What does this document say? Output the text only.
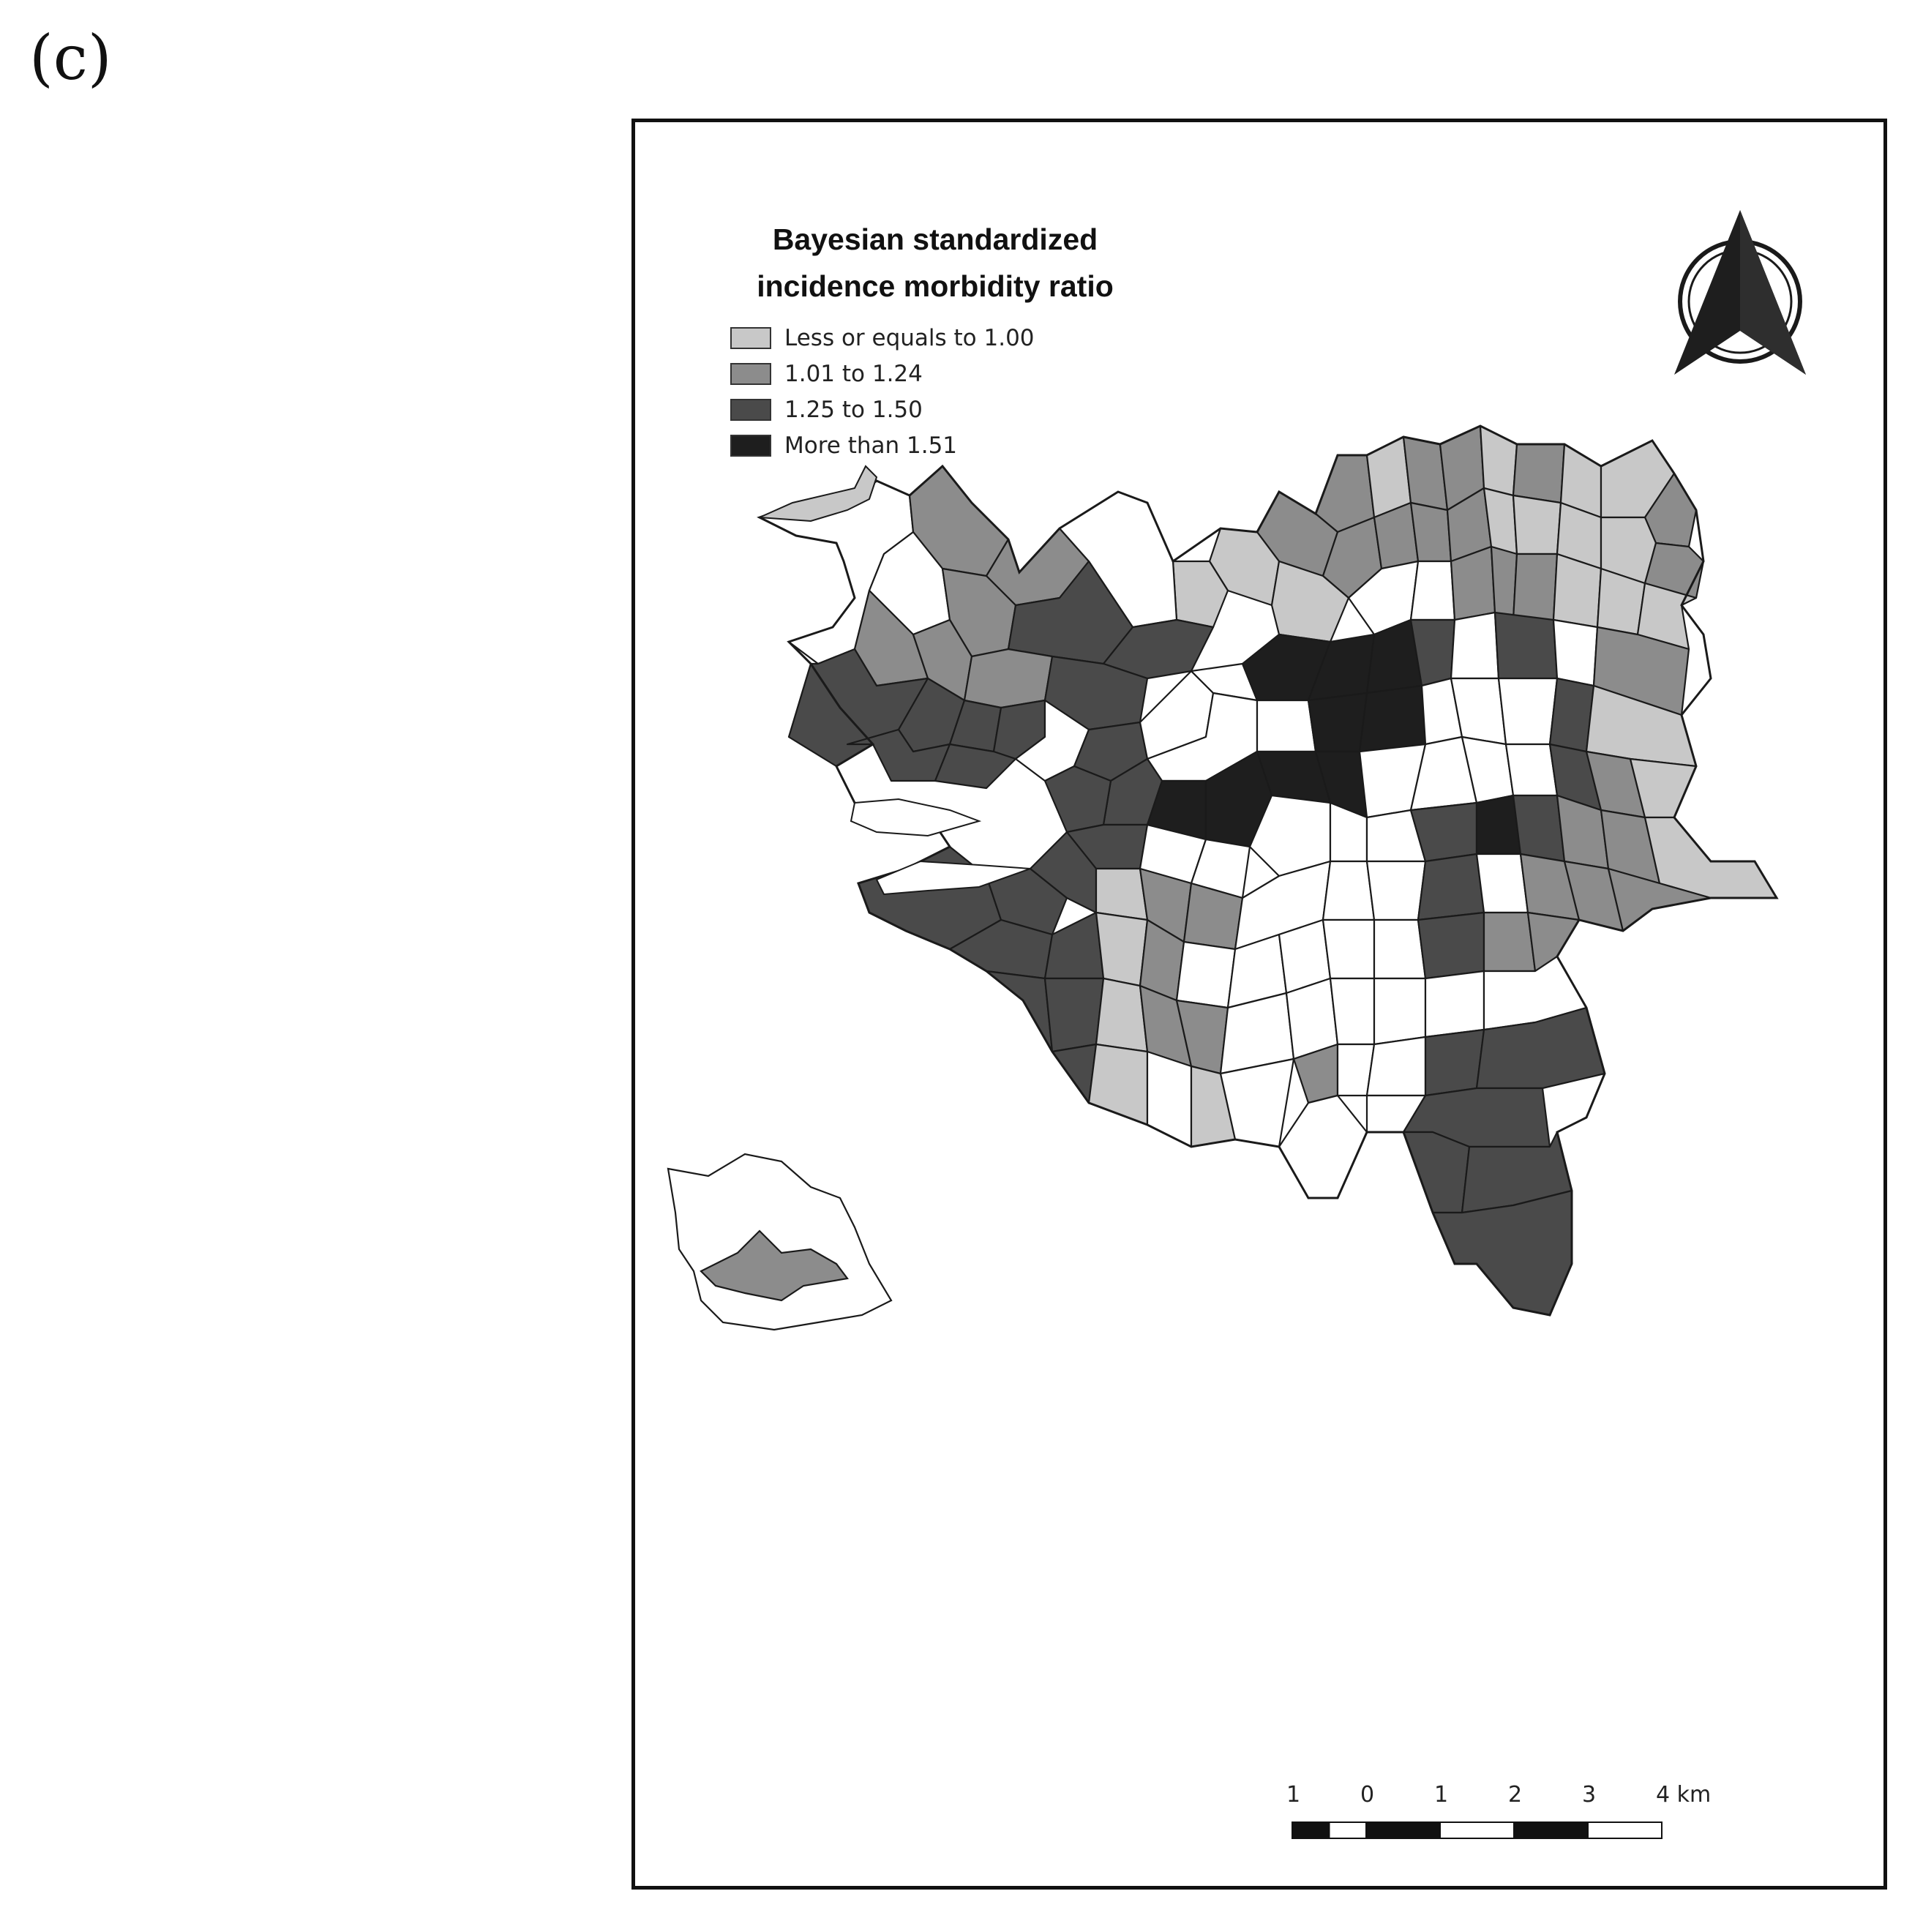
(c)
Bayesian standardized
incidence morbidity ratio
Less or equals to 1.00
1.01 to 1.24
1.25 to 1.50
More than 1.51
1	0	1	2	3	4 km
